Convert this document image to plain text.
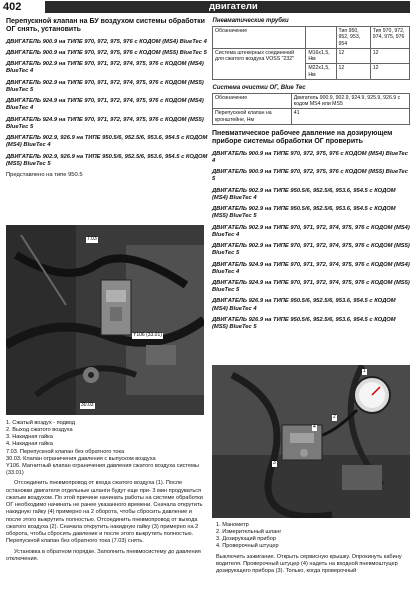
402	двигатели
Перепускной клапан на БУ воздухом системы обработки ОГ снять, установить
ДВИГАТЕЛЬ 900.9 на ТИПЕ 970, 972, 975, 976 с КОДОМ (MS4) BlueTec 4
ДВИГАТЕЛЬ 900.9 на ТИПЕ 970, 972, 975, 976 с КОДОМ (MS5) BlueTec 5
ДВИГАТЕЛЬ 902.9 на ТИПЕ 970, 971, 972, 974, 975, 976 с КОДОМ (MS4) BlueTec 4
ДВИГАТЕЛЬ 902.9 на ТИПЕ 970, 971, 972, 974, 975, 976 с КОДОМ (MS5) BlueTec 5
ДВИГАТЕЛЬ 924.9 на ТИПЕ 970, 971, 972, 974, 975, 976 с КОДОМ (MS4) BlueTec 4
ДВИГАТЕЛЬ 924.9 на ТИПЕ 970, 971, 972, 974, 975, 976 с КОДОМ (MS5) BlueTec 5
ДВИГАТЕЛЬ 902.9, 926.9 на ТИПЕ 950.5/6, 952.5/6, 953.6, 954.5 с КОДОМ (MS4) BlueTec 4
ДВИГАТЕЛЬ 902.9, 926.9 на ТИПЕ 950.5/6, 952.5/6, 953.6, 954.5 с КОДОМ (MS5) BlueTec 5
Представлено на типе 950.5
7.03
Y106 (33.01)
30.03
1. Сжатый воздух - подвод
2. Выход сжатого воздуха
3. Накидная гайка
4. Накидная гайка
7.03. Перепускной клапан без обратного тока
30.03. Клапан ограничения давления с выпуском воздуха
Y106. Магнитный клапан ограничения давления сжатого воздуха системы (33.01)
Отсоединить пневмопровод от входа сжатого воздуха (1). После остановки двигателя отдельные шланги будут еще при- 3 мин продуваться сжатым воздухом. По этой причине начинать работы на системе обработки ОГ необходимо начинать не ранее указанного времени. Сначала открутить накидную гайку (4) примерно на 2 оборота, чтобы сбросить давление и после этого выкрутить полностью. Отсоединить пневмопровод от выхода сжатого воздуха (2). Сначала открутить накидную гайку (3) примерно на 2 оборота, чтобы сбросить давление и после этого выкрутить полностью. Перепускной клапан без обратного тока (7.03) снять.
Установка в обратном порядке. Заполнить пневмосистему до давления отключения.
Пневматические трубки			
Обозначение		Тип 950, 952, 953, 954	Тип 970, 972, 974, 975, 976
Система штекерных соединений для сжатого воздуха VOSS "232"	M16x1,5, Нм	12	12
	M22x1,5, Нм	12	12
Система очистки ОГ, Blue Tec	
Обозначение	Двигатель 900.9, 902.9, 924.9, 925.9, 926.9 с кодом MS4 или MS5
Перепускной клапан на кронштейне, Нм	41
Пневматическое рабочее давление на дозирующем приборе системы обработки ОГ проверить
ДВИГАТЕЛЬ 900.9 на ТИПЕ 970, 972, 975, 976 с КОДОМ (MS4) BlueTec 4
ДВИГАТЕЛЬ 900.9 на ТИПЕ 970, 972, 975, 976 с КОДОМ (MS5) BlueTec 5
ДВИГАТЕЛЬ 902.9 на ТИПЕ 950.5/6, 952.5/6, 953.6, 954.5 с КОДОМ (MS4) BlueTec 4
ДВИГАТЕЛЬ 902.9 на ТИПЕ 950.5/6, 952.5/6, 953.6, 954.5 с КОДОМ (MS5) BlueTec 5
ДВИГАТЕЛЬ 902.9 на ТИПЕ 970, 971, 972, 974, 975, 976 с КОДОМ (MS4) BlueTec 4
ДВИГАТЕЛЬ 902.9 на ТИПЕ 970, 971, 972, 974, 975, 976 с КОДОМ (MS5) BlueTec 5
ДВИГАТЕЛЬ 924.9 на ТИПЕ 970, 971, 972, 974, 975, 976 с КОДОМ (MS4) BlueTec 4
ДВИГАТЕЛЬ 924.9 на ТИПЕ 970, 971, 972, 974, 975, 976 с КОДОМ (MS5) BlueTec 5
ДВИГАТЕЛЬ 926.9 на ТИПЕ 950.5/6, 952.5/6, 953.6, 954.5 с КОДОМ (MS4) BlueTec 4
ДВИГАТЕЛЬ 926.9 на ТИПЕ 950.5/6, 952.5/6, 953.6, 954.5 с КОДОМ (MS5) BlueTec 5
1
2
3
4
1. Манометр
2. Измерительный шланг
3. Дозирующий прибор
4. Проверочный штуцер
Выключить зажигание. Открыть сервисную крышку. Опрокинуть кабину водителя. Проверочный штуцер (4) надеть на входной пневмоштуцер дозирующего прибора (3). Только, когда проверочный
